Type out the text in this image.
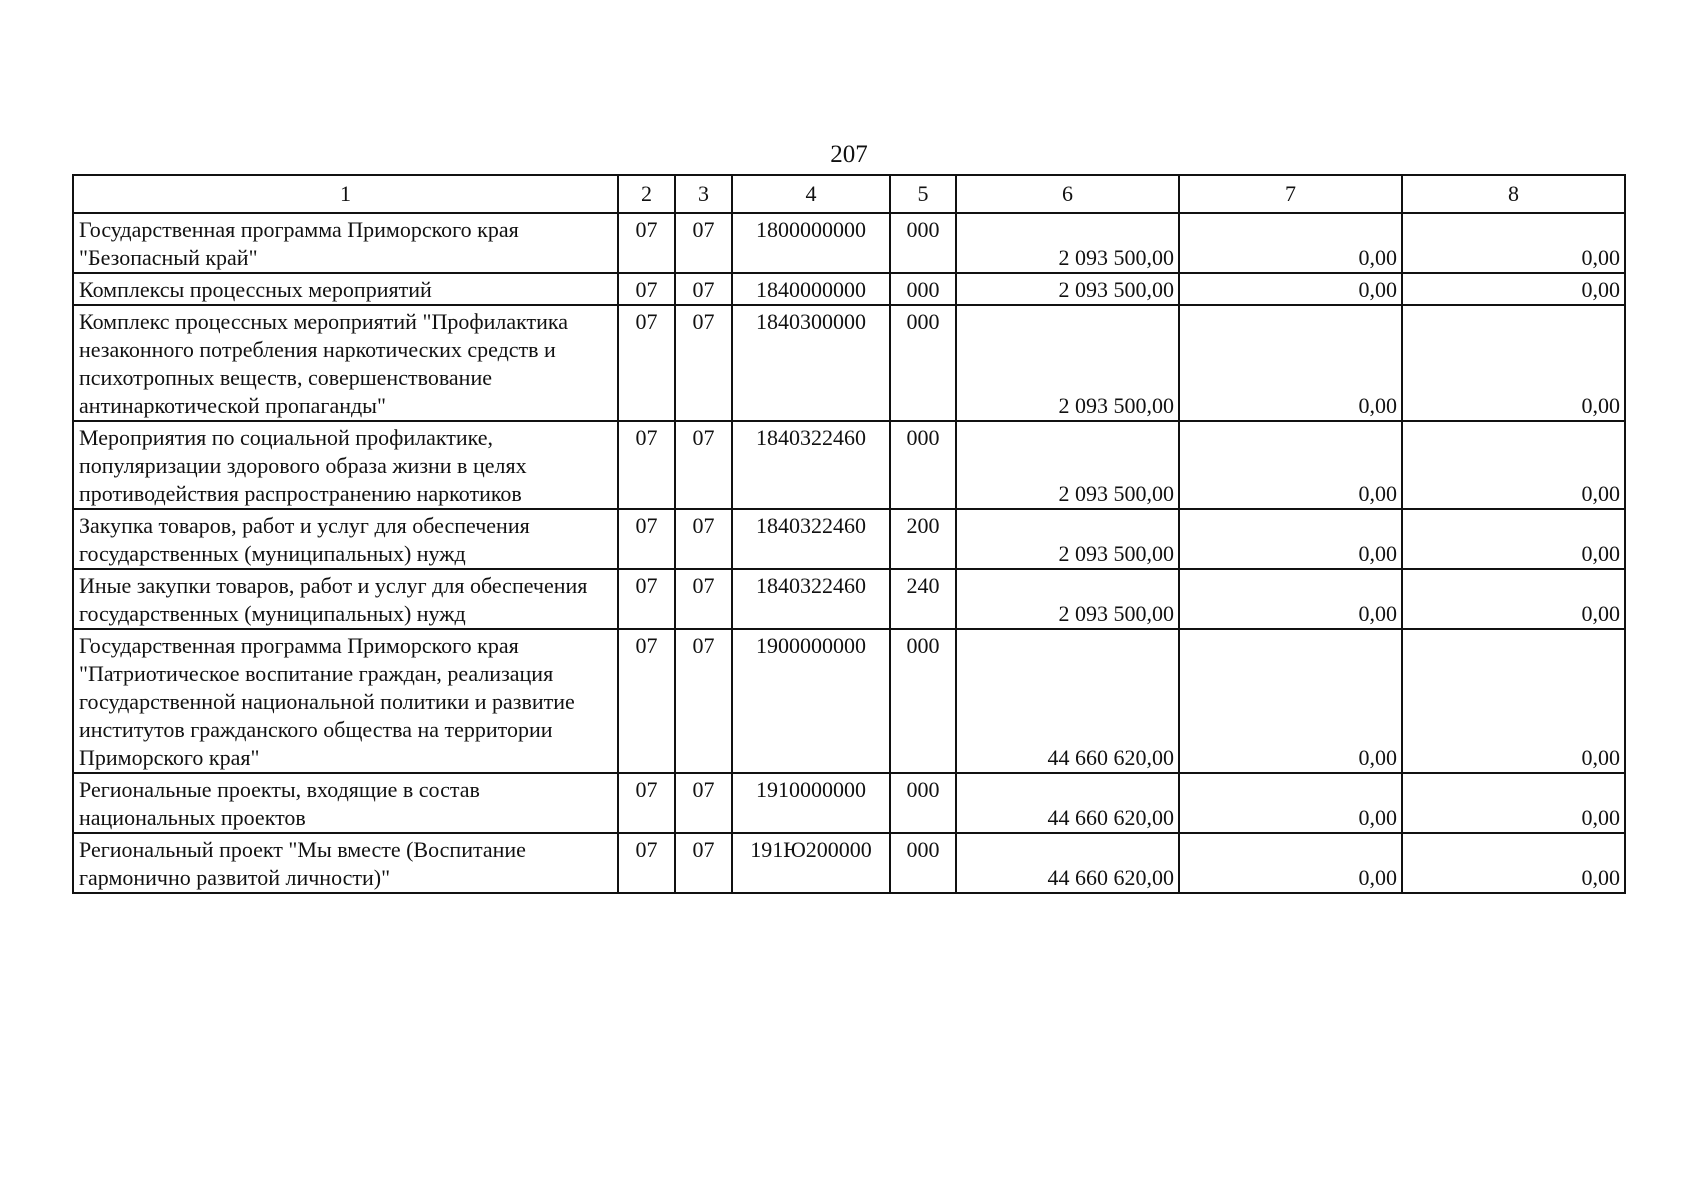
207
1	2	3	4	5	6	7	8
Государственная программа Приморского края "Безопасный край"	07	07	1800000000	000	2 093 500,00	0,00	0,00
Комплексы процессных мероприятий	07	07	1840000000	000	2 093 500,00	0,00	0,00
Комплекс процессных мероприятий "Профилактика незаконного потребления наркотических средств и психотропных веществ, совершенствование антинаркотической пропаганды"	07	07	1840300000	000	2 093 500,00	0,00	0,00
Мероприятия по социальной профилактике, популяризации здорового образа жизни в целях противодействия распространению наркотиков	07	07	1840322460	000	2 093 500,00	0,00	0,00
Закупка товаров, работ и услуг для обеспечения государственных (муниципальных) нужд	07	07	1840322460	200	2 093 500,00	0,00	0,00
Иные закупки товаров, работ и услуг для обеспечения государственных (муниципальных) нужд	07	07	1840322460	240	2 093 500,00	0,00	0,00
Государственная программа Приморского края "Патриотическое воспитание граждан, реализация государственной национальной политики и развитие институтов гражданского общества на территории Приморского края"	07	07	1900000000	000	44 660 620,00	0,00	0,00
Региональные проекты, входящие в состав национальных проектов	07	07	1910000000	000	44 660 620,00	0,00	0,00
Региональный проект "Мы вместе (Воспитание гармонично развитой личности)"	07	07	191Ю200000	000	44 660 620,00	0,00	0,00
